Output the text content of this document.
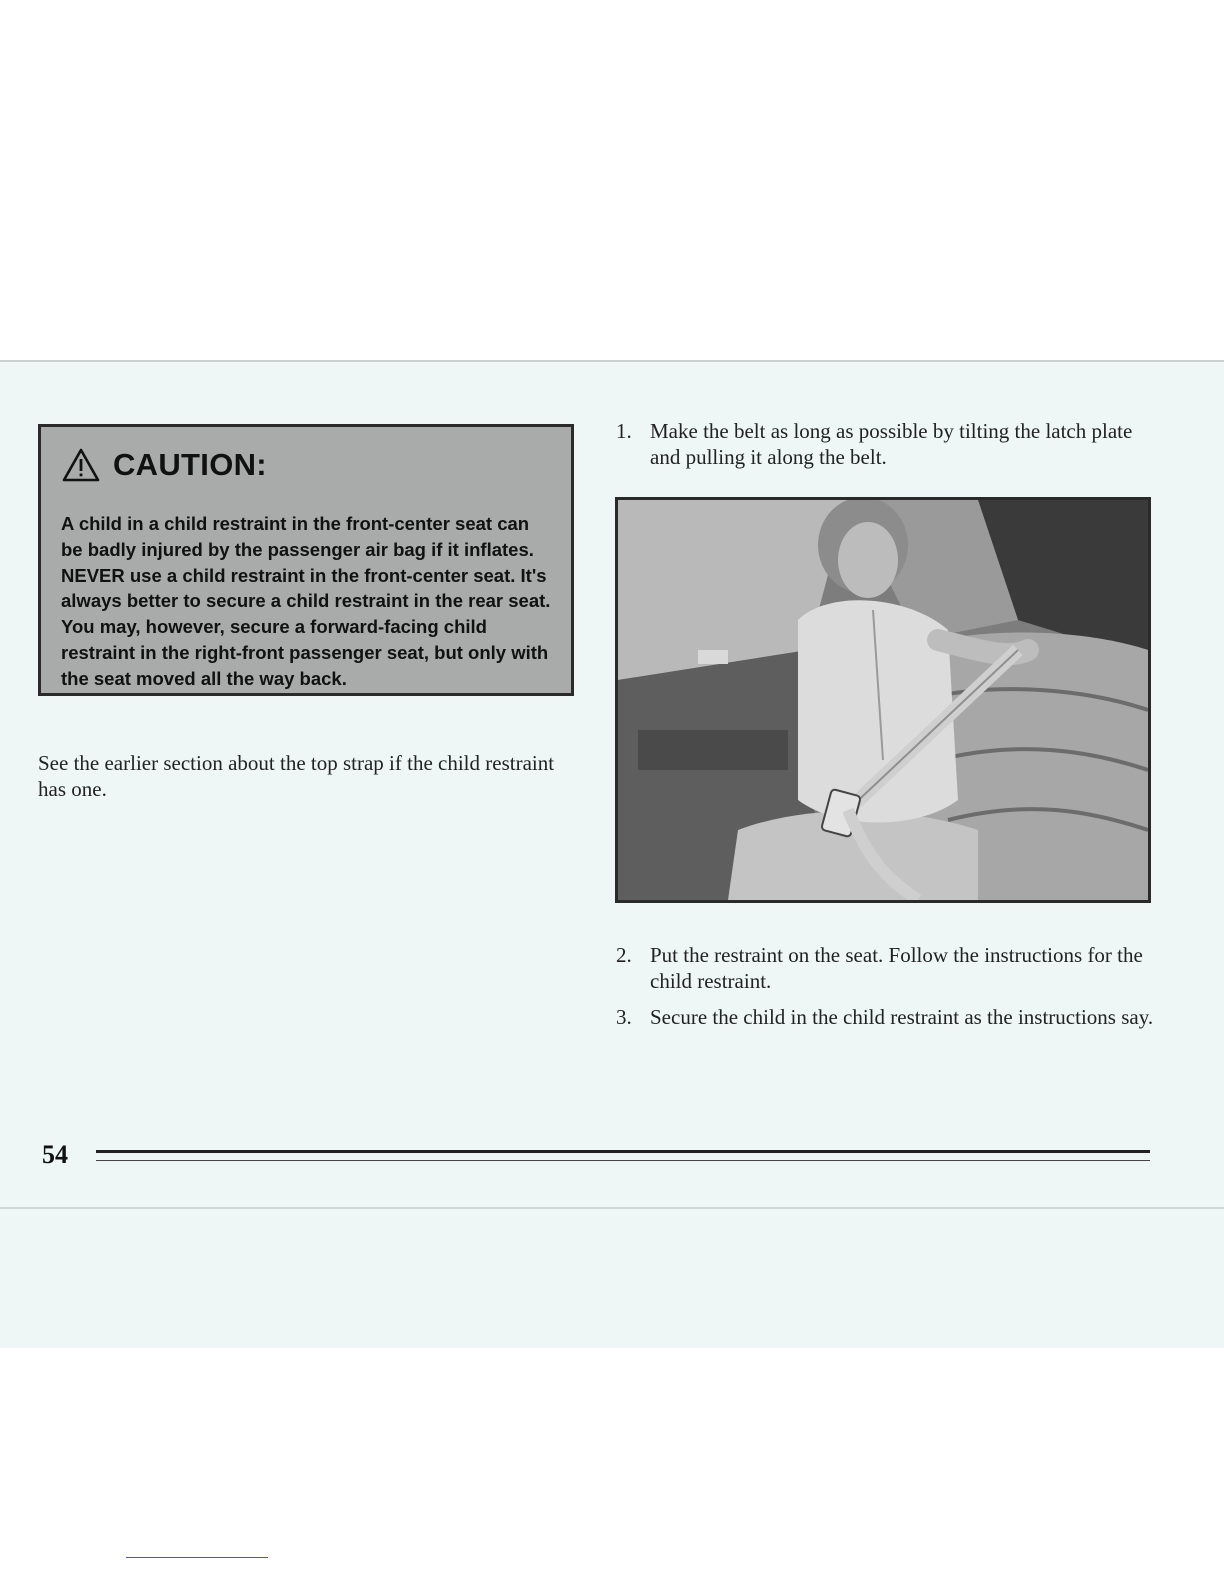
CAUTION:
A child in a child restraint in the front-center seat can be badly injured by the passenger air bag if it inflates. NEVER use a child restraint in the front-center seat. It's always better to secure a child restraint in the rear seat. You may, however, secure a forward-facing child restraint in the right-front passenger seat, but only with the seat moved all the way back.
See the earlier section about the top strap if the child restraint has one.
1. Make the belt as long as possible by tilting the latch plate and pulling it along the belt.
2. Put the restraint on the seat. Follow the instructions for the child restraint.
3. Secure the child in the child restraint as the instructions say.
54
